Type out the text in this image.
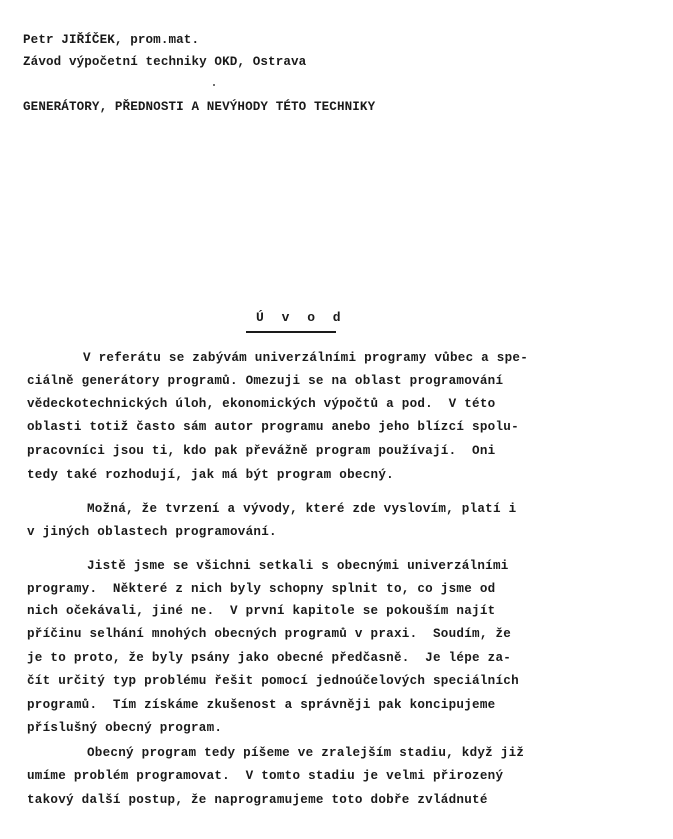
Petr JIŘÍČEK, prom.mat.
Závod výpočetní techniky OKD, Ostrava
GENERÁTORY, PŘEDNOSTI A NEVÝHODY TÉTO TECHNIKY
Ú v o d
V referátu se zabývám univerzálními programy vůbec a spe-
ciálně generátory programů. Omezuji se na oblast programování
vědeckotechnických úloh, ekonomických výpočtů a pod.  V této
oblasti totiž často sám autor programu anebo jeho blízcí spolu-
pracovníci jsou ti, kdo pak převážně program používají.  Oni
tedy také rozhodují, jak má být program obecný.
Možná, že tvrzení a vývody, které zde vyslovím, platí i
v jiných oblastech programování.
Jistě jsme se všichni setkali s obecnými univerzálními
programy.  Některé z nich byly schopny splnit to, co jsme od
nich očekávali, jiné ne.  V první kapitole se pokouším najít
příčinu selhání mnohých obecných programů v praxi.  Soudím, že
je to proto, že byly psány jako obecné předčasně.  Je lépe za-
čít určitý typ problému řešit pomocí jednoúčelových speciálních
programů.  Tím získáme zkušenost a správněji pak koncipujeme
příslušný obecný program.
Obecný program tedy píšeme ve zralejším stadiu, když již
umíme problém programovat.  V tomto stadiu je velmi přirozený
takový další postup, že naprogramujeme toto dobře zvládnuté
